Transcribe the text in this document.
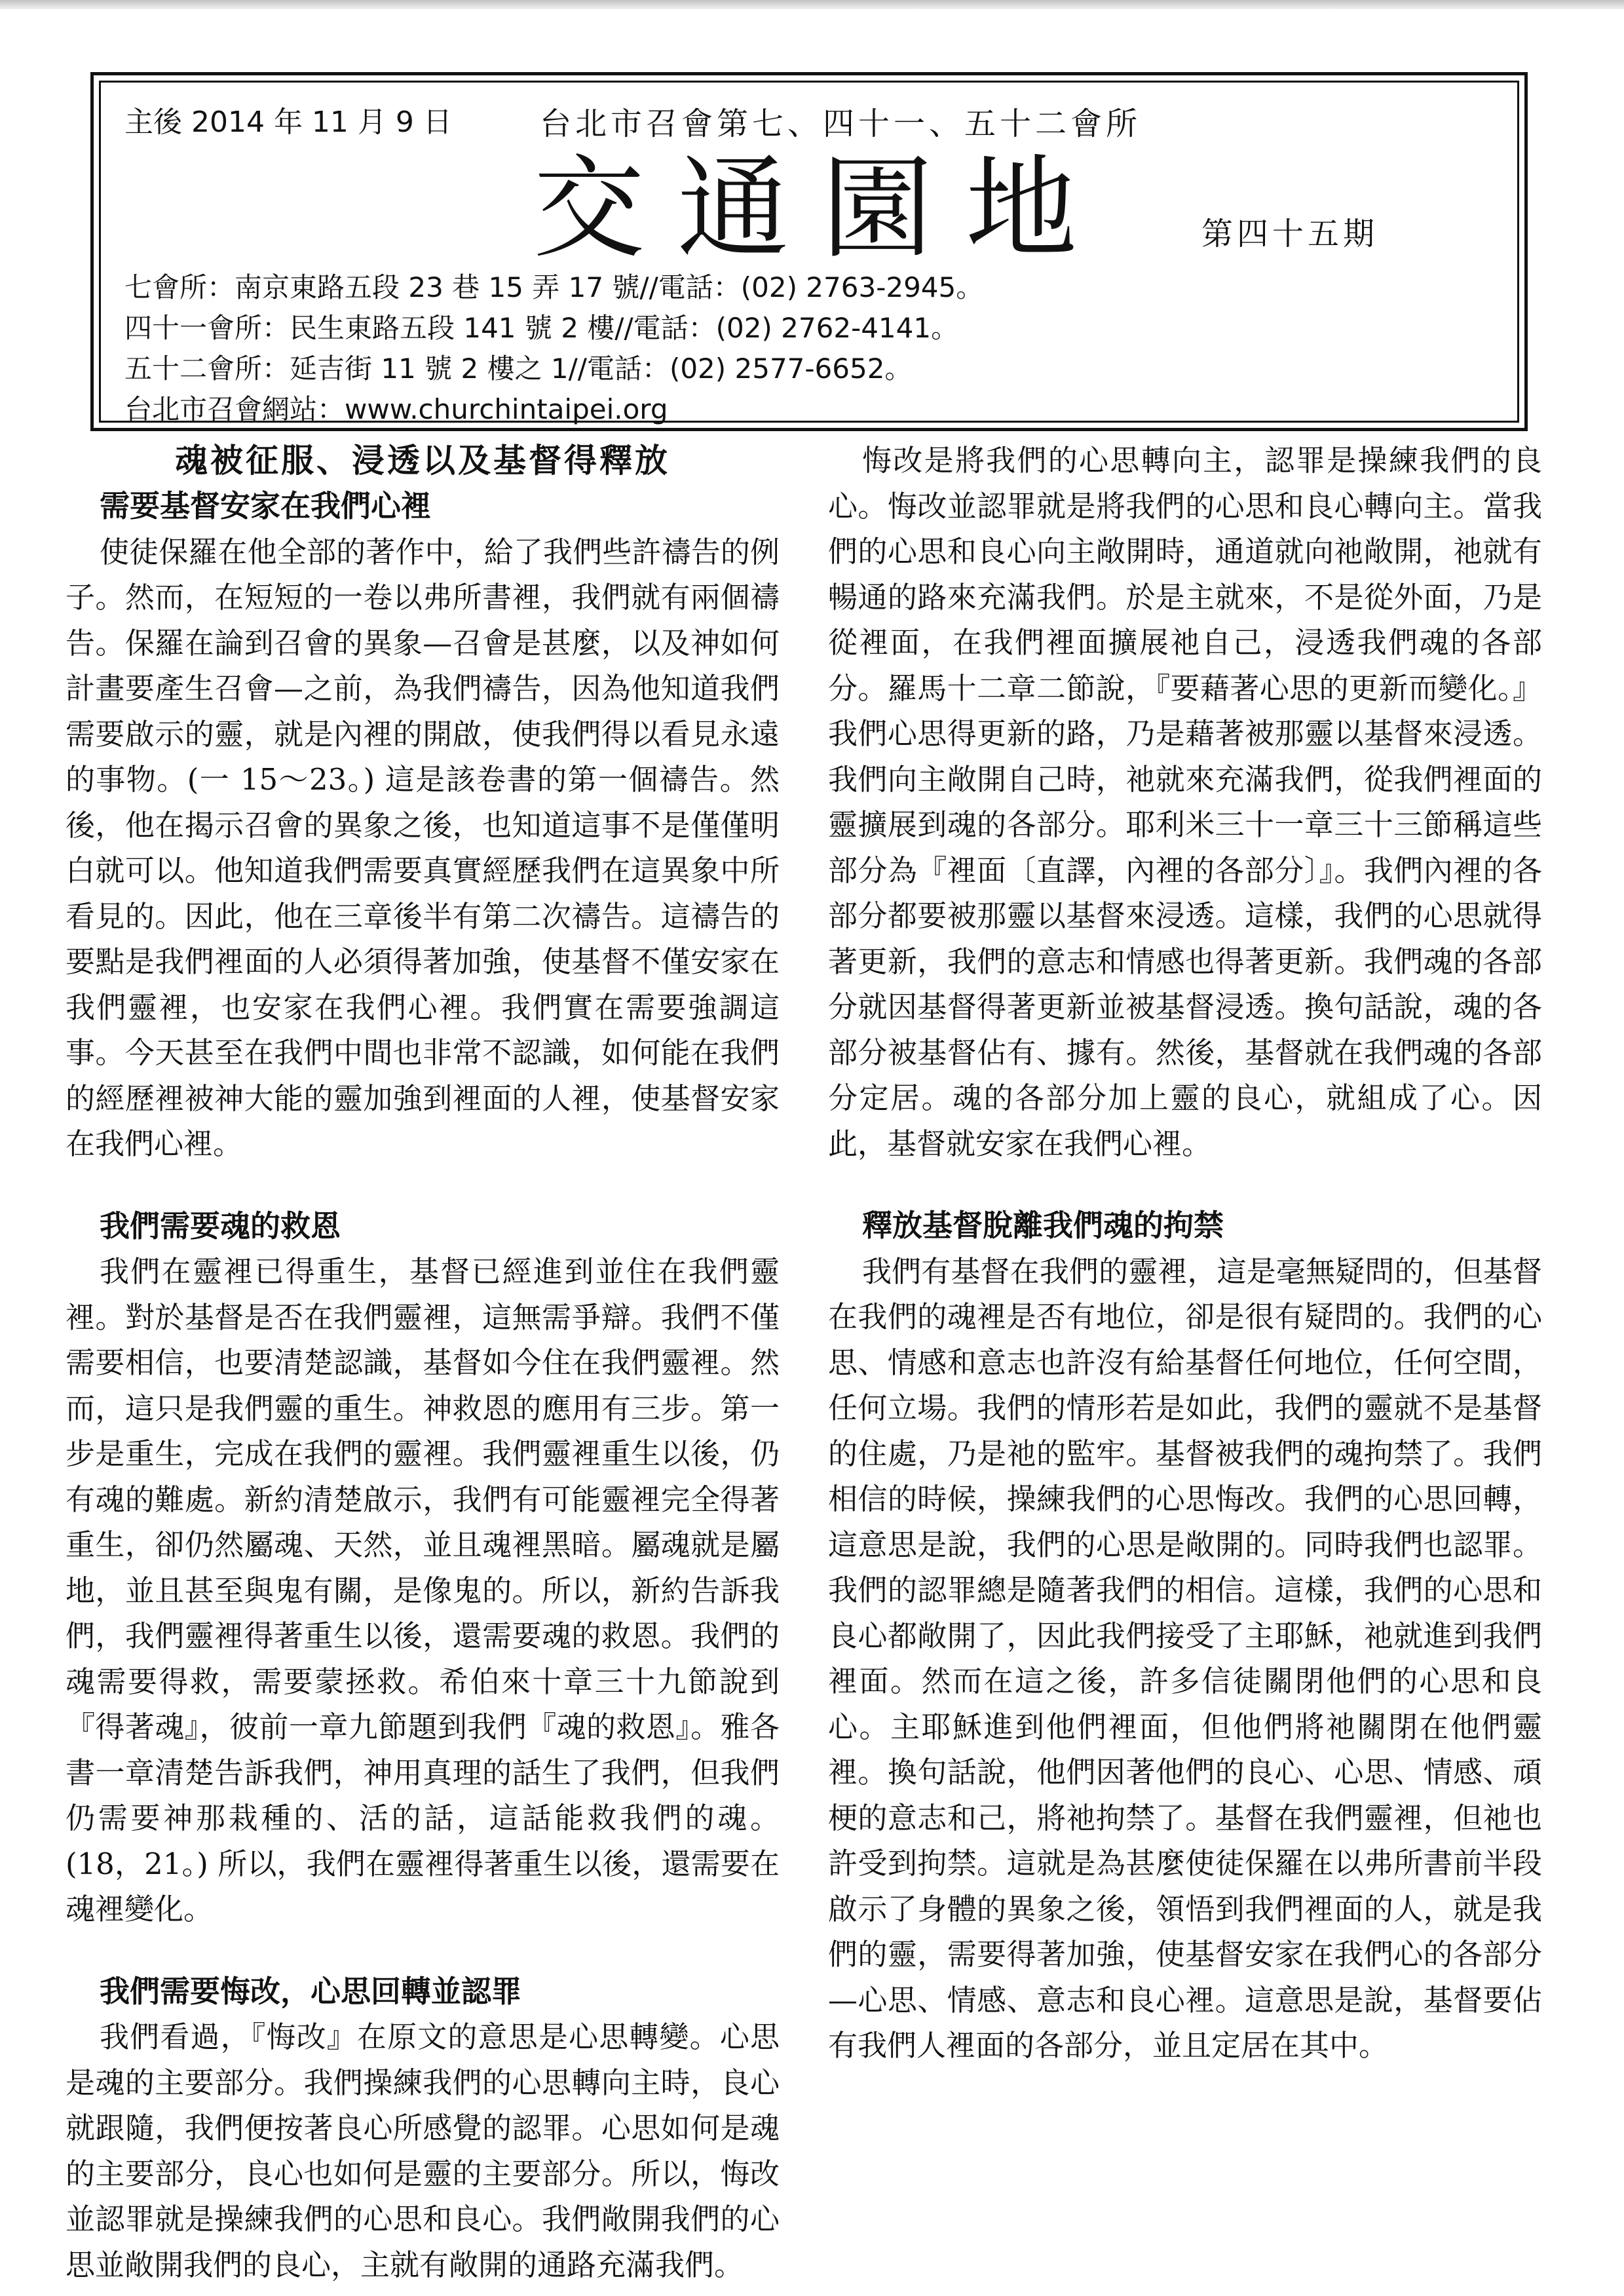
主後 2014 年 11 月 9 日	台北市召會第七、四十一、五十二會所
交通園地	第四十五期
七會所：南京東路五段 23 巷 15 弄 17 號//電話：(02) 2763-2945。
四十一會所：民生東路五段 141 號 2 樓//電話：(02) 2762-4141。
五十二會所：延吉街 11 號 2 樓之 1//電話：(02) 2577-6652。
台北市召會網站：www.churchintaipei.org
魂被征服、浸透以及基督得釋放
需要基督安家在我們心裡

使徒保羅在他全部的著作中，給了我們些許禱告的例子。然而，在短短的一卷以弗所書裡，我們就有兩個禱告。保羅在論到召會的異象—召會是甚麼，以及神如何計畫要產生召會—之前，為我們禱告，因為他知道我們需要啟示的靈，就是內裡的開啟，使我們得以看見永遠的事物。(一 15～23。) 這是該卷書的第一個禱告。然後，他在揭示召會的異象之後，也知道這事不是僅僅明白就可以。他知道我們需要真實經歷我們在這異象中所看見的。因此，他在三章後半有第二次禱告。這禱告的要點是我們裡面的人必須得著加強，使基督不僅安家在我們靈裡，也安家在我們心裡。我們實在需要強調這事。今天甚至在我們中間也非常不認識，如何能在我們的經歷裡被神大能的靈加強到裡面的人裡，使基督安家在我們心裡。

我們需要魂的救恩

我們在靈裡已得重生，基督已經進到並住在我們靈裡。對於基督是否在我們靈裡，這無需爭辯。我們不僅需要相信，也要清楚認識，基督如今住在我們靈裡。然而，這只是我們靈的重生。神救恩的應用有三步。第一步是重生，完成在我們的靈裡。我們靈裡重生以後，仍有魂的難處。新約清楚啟示，我們有可能靈裡完全得著重生，卻仍然屬魂、天然，並且魂裡黑暗。屬魂就是屬地，並且甚至與鬼有關，是像鬼的。所以，新約告訴我們，我們靈裡得著重生以後，還需要魂的救恩。我們的魂需要得救，需要蒙拯救。希伯來十章三十九節說到『得著魂』，彼前一章九節題到我們『魂的救恩』。雅各書一章清楚告訴我們，神用真理的話生了我們，但我們仍需要神那栽種的、活的話，這話能救我們的魂。(18，21。) 所以，我們在靈裡得著重生以後，還需要在魂裡變化。

我們需要悔改，心思回轉並認罪

我們看過，『悔改』在原文的意思是心思轉變。心思是魂的主要部分。我們操練我們的心思轉向主時，良心就跟隨，我們便按著良心所感覺的認罪。心思如何是魂的主要部分，良心也如何是靈的主要部分。所以，悔改並認罪就是操練我們的心思和良心。我們敞開我們的心思並敞開我們的良心，主就有敞開的通路充滿我們。

悔改是將我們的心思轉向主，認罪是操練我們的良心。悔改並認罪就是將我們的心思和良心轉向主。當我們的心思和良心向主敞開時，通道就向祂敞開，祂就有暢通的路來充滿我們。於是主就來，不是從外面，乃是從裡面，在我們裡面擴展祂自己，浸透我們魂的各部分。羅馬十二章二節說，『要藉著心思的更新而變化。』我們心思得更新的路，乃是藉著被那靈以基督來浸透。我們向主敞開自己時，祂就來充滿我們，從我們裡面的靈擴展到魂的各部分。耶利米三十一章三十三節稱這些部分為『裡面〔直譯，內裡的各部分〕』。我們內裡的各部分都要被那靈以基督來浸透。這樣，我們的心思就得著更新，我們的意志和情感也得著更新。我們魂的各部分就因基督得著更新並被基督浸透。換句話說，魂的各部分被基督佔有、據有。然後，基督就在我們魂的各部分定居。魂的各部分加上靈的良心，就組成了心。因此，基督就安家在我們心裡。

釋放基督脫離我們魂的拘禁

我們有基督在我們的靈裡，這是毫無疑問的，但基督在我們的魂裡是否有地位，卻是很有疑問的。我們的心思、情感和意志也許沒有給基督任何地位，任何空間，任何立場。我們的情形若是如此，我們的靈就不是基督的住處，乃是祂的監牢。基督被我們的魂拘禁了。我們相信的時候，操練我們的心思悔改。我們的心思回轉，這意思是說，我們的心思是敞開的。同時我們也認罪。我們的認罪總是隨著我們的相信。這樣，我們的心思和良心都敞開了，因此我們接受了主耶穌，祂就進到我們裡面。然而在這之後，許多信徒關閉他們的心思和良心。主耶穌進到他們裡面，但他們將祂關閉在他們靈裡。換句話說，他們因著他們的良心、心思、情感、頑梗的意志和己，將祂拘禁了。基督在我們靈裡，但祂也許受到拘禁。這就是為甚麼使徒保羅在以弗所書前半段啟示了身體的異象之後，領悟到我們裡面的人，就是我們的靈，需要得著加強，使基督安家在我們心的各部分—心思、情感、意志和良心裡。這意思是說，基督要佔有我們人裡面的各部分，並且定居在其中。
